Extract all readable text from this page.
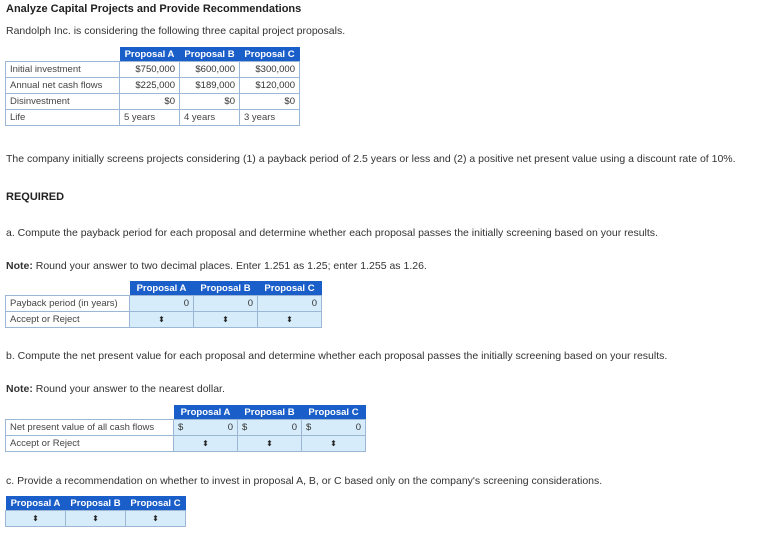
Analyze Capital Projects and Provide Recommendations
Randolph Inc. is considering the following three capital project proposals.
	Proposal A	Proposal B	Proposal C
Initial investment	$750,000	$600,000	$300,000
Annual net cash flows	$225,000	$189,000	$120,000
Disinvestment	$0	$0	$0
Life	5 years	4 years	3 years
The company initially screens projects considering (1) a payback period of 2.5 years or less and (2) a positive net present value using a discount rate of 10%.
REQUIRED
a. Compute the payback period for each proposal and determine whether each proposal passes the initially screening based on your results.
Note: Round your answer to two decimal places. Enter 1.251 as 1.25; enter 1.255 as 1.26.
	Proposal A	Proposal B	Proposal C
Payback period (in years)	0	0	0
Accept or Reject	⬍	⬍	⬍
b. Compute the net present value for each proposal and determine whether each proposal passes the initially screening based on your results.
Note: Round your answer to the nearest dollar.
	Proposal A	Proposal B	Proposal C
Net present value of all cash flows	$ 0	$ 0	$ 0
Accept or Reject	⬍	⬍	⬍
c. Provide a recommendation on whether to invest in proposal A, B, or C based only on the company's screening considerations.
Proposal A	Proposal B	Proposal C
⬍	⬍	⬍
